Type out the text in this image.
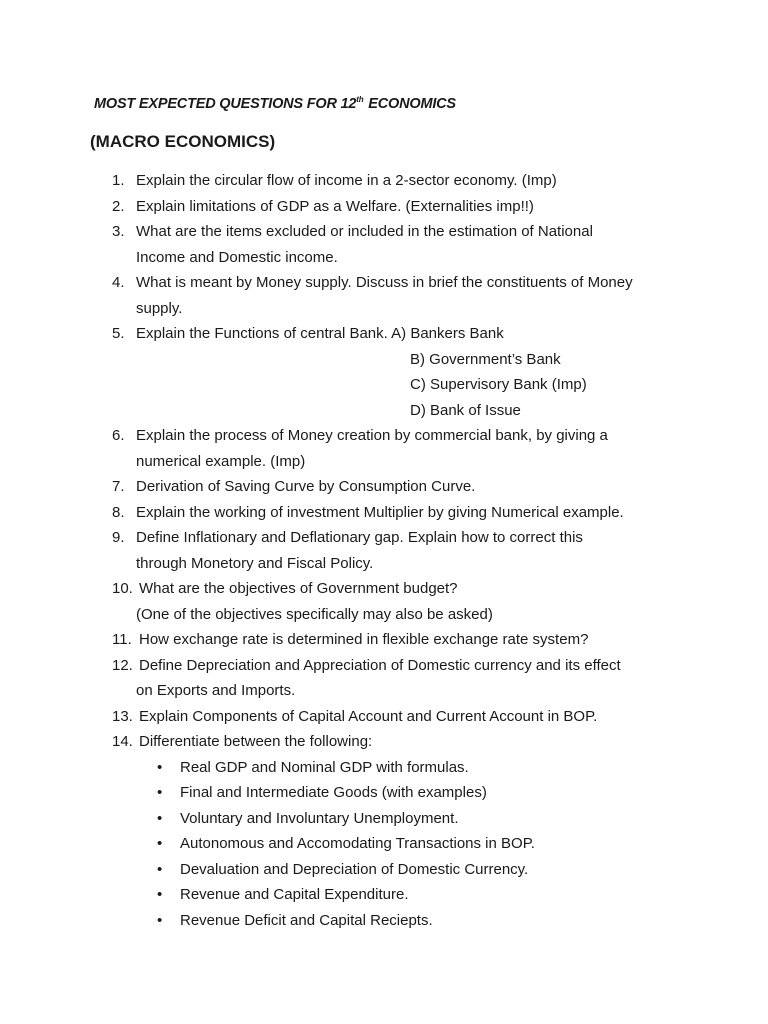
MOST EXPECTED QUESTIONS FOR 12th ECONOMICS
(MACRO ECONOMICS)
1. Explain the circular flow of income in a 2-sector economy. (Imp)
2. Explain limitations of GDP as a Welfare. (Externalities imp!!)
3. What are the items excluded or included in the estimation of National
Income and Domestic income.
4. What is meant by Money supply. Discuss in brief the constituents of Money
supply.
5. Explain the Functions of central Bank. A) Bankers Bank
B) Government’s Bank
C) Supervisory Bank (Imp)
D) Bank of Issue
6. Explain the process of Money creation by commercial bank, by giving a
numerical example. (Imp)
7. Derivation of Saving Curve by Consumption Curve.
8. Explain the working of investment Multiplier by giving Numerical example.
9. Define Inflationary and Deflationary gap. Explain how to correct this
through Monetory and Fiscal Policy.
10. What are the objectives of Government budget?
(One of the objectives specifically may also be asked)
11. How exchange rate is determined in flexible exchange rate system?
12. Define Depreciation and Appreciation of Domestic currency and its effect
on Exports and Imports.
13. Explain Components of Capital Account and Current Account in BOP.
14. Differentiate between the following:
• Real GDP and Nominal GDP with formulas.
• Final and Intermediate Goods (with examples)
• Voluntary and Involuntary Unemployment.
• Autonomous and Accomodating Transactions in BOP.
• Devaluation and Depreciation of Domestic Currency.
• Revenue and Capital Expenditure.
• Revenue Deficit and Capital Reciepts.
